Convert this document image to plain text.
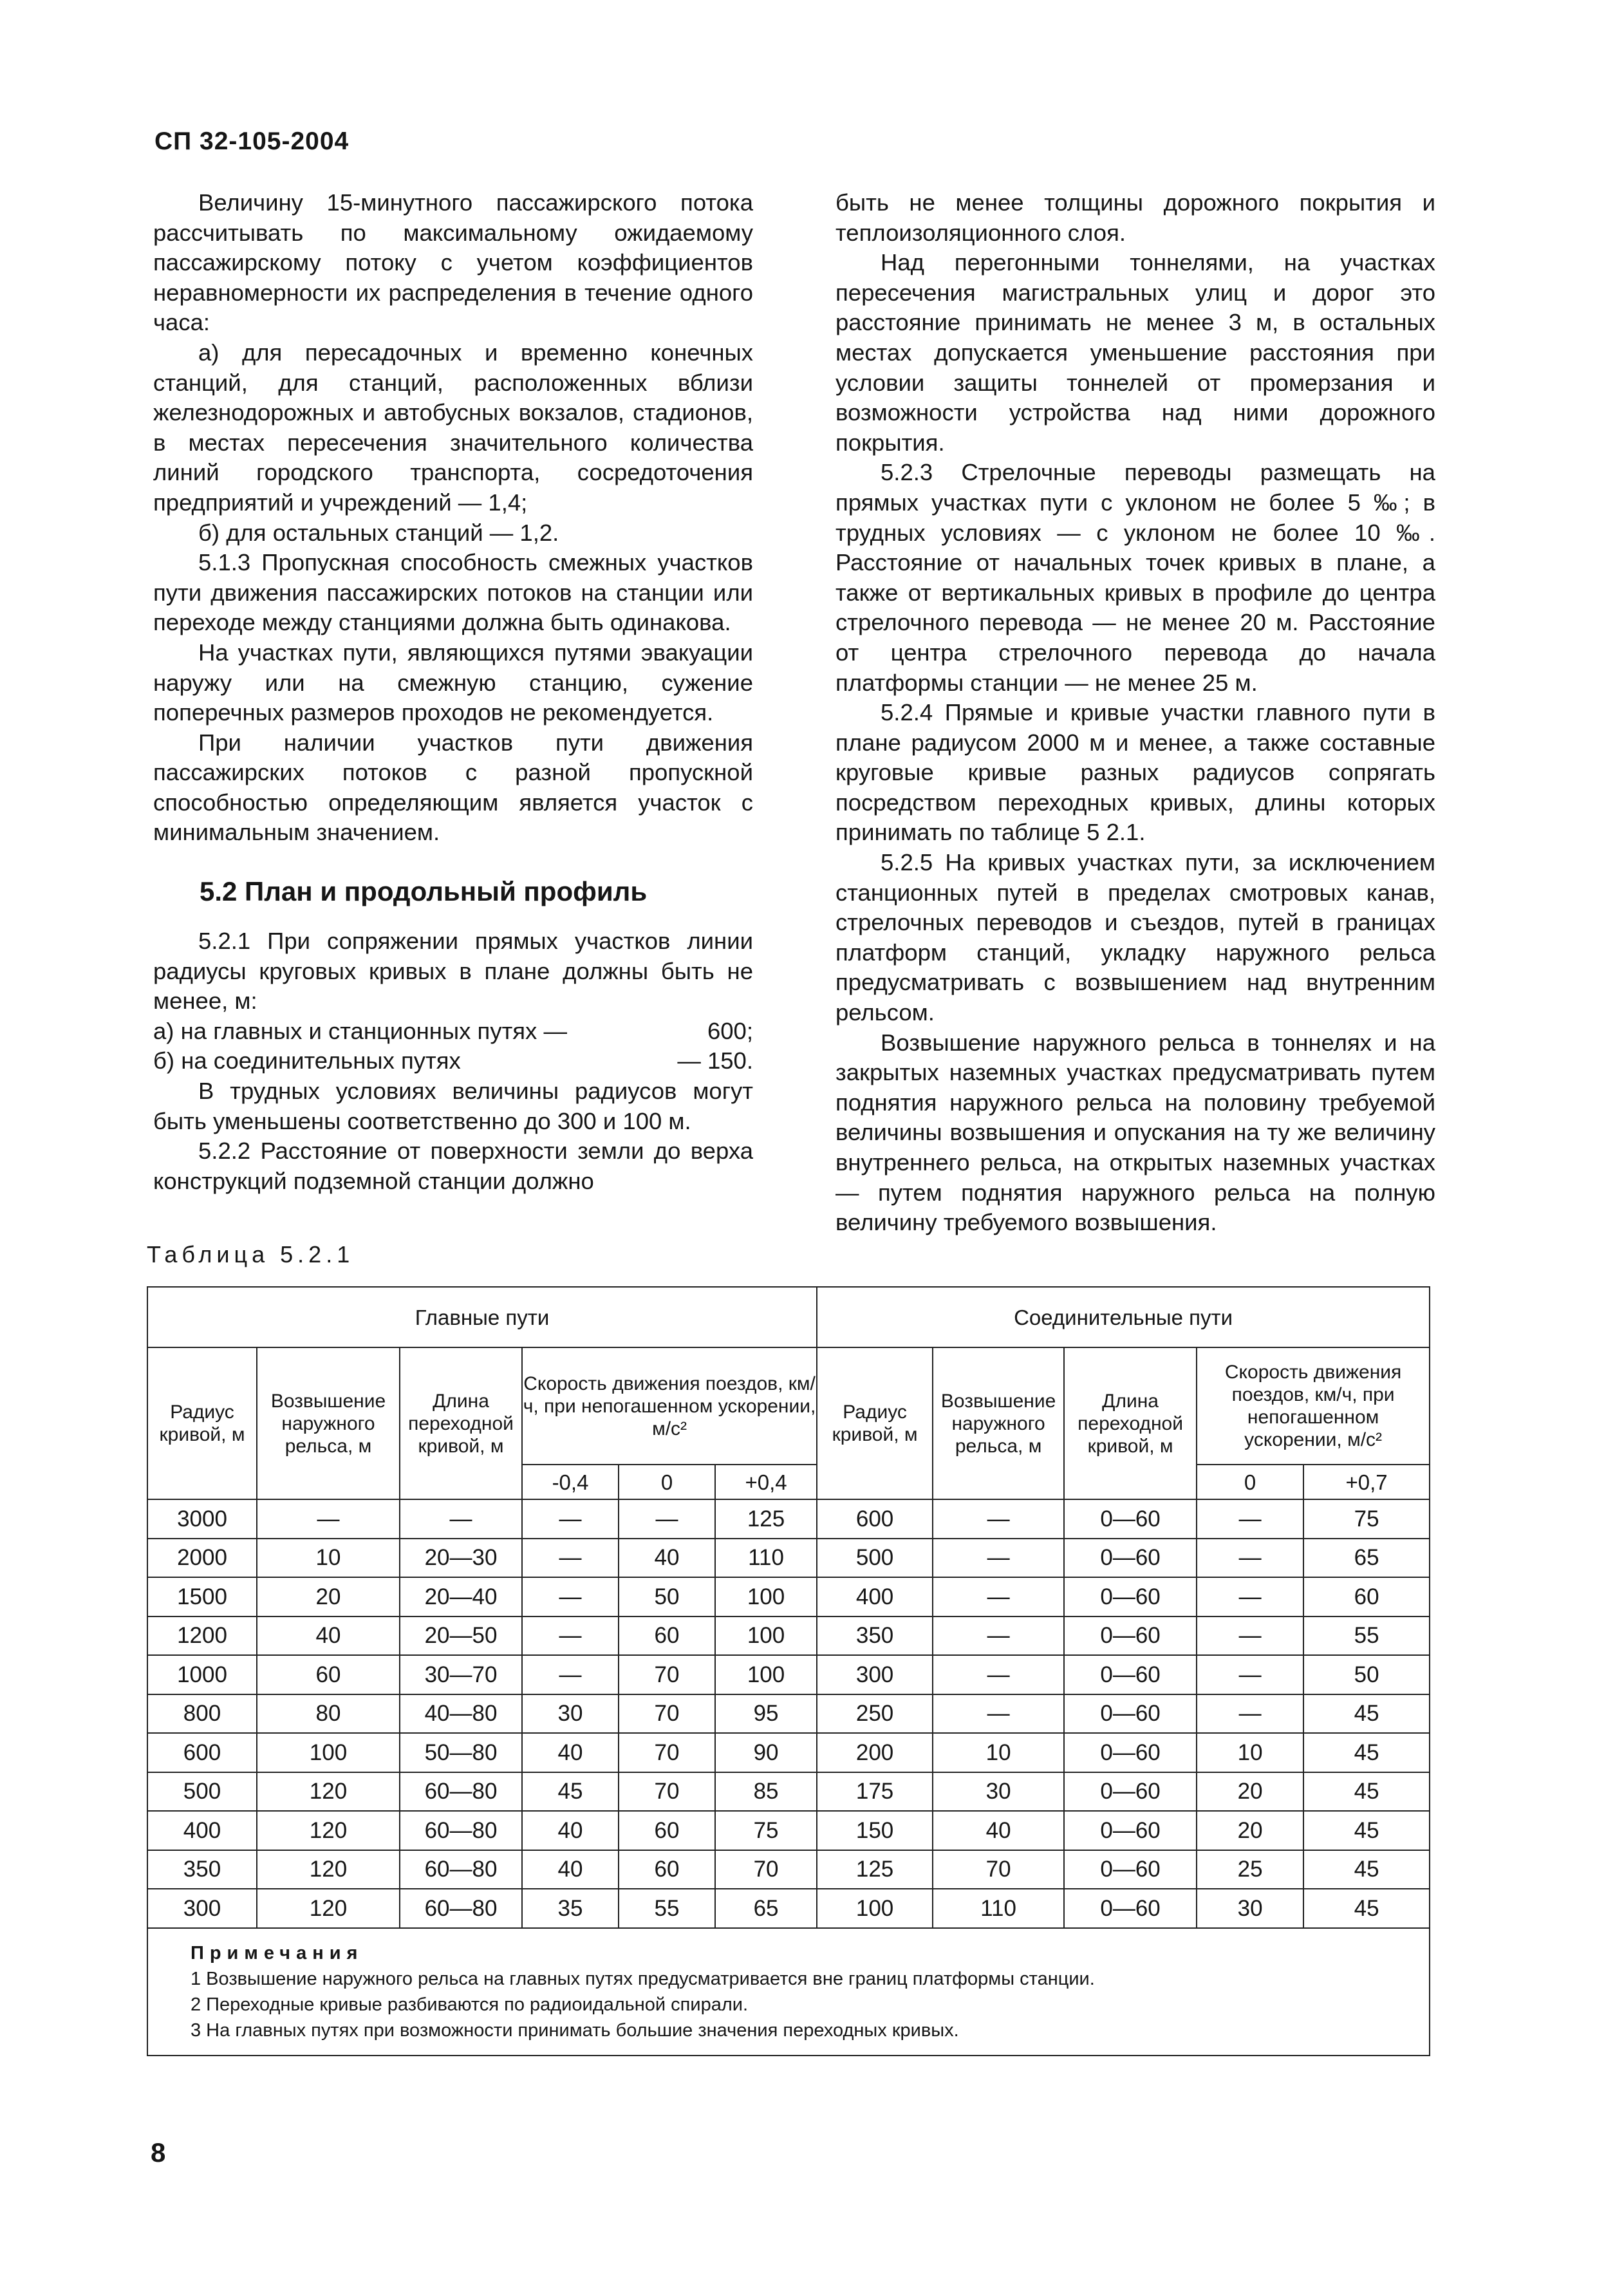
СП 32-105-2004

Величину 15-минутного пассажирского потока рассчитывать по максимальному ожидаемому пассажирскому потоку с учетом коэффициентов неравномерности их распределения в течение одного часа:

а) для пересадочных и временно конечных станций, для станций, расположенных вблизи железнодорожных и автобусных вокзалов, стадионов, в местах пересечения значительного количества линий городского транспорта, сосредоточения предприятий и учреждений — 1,4;

б) для остальных станций — 1,2.

5.1.3 Пропускная способность смежных участков пути движения пассажирских потоков на станции или переходе между станциями должна быть одинакова.

На участках пути, являющихся путями эвакуации наружу или на смежную станцию, сужение поперечных размеров проходов не рекомендуется.

При наличии участков пути движения пассажирских потоков с разной пропускной способностью определяющим является участок с минимальным значением.

5.2 План и продольный профиль

5.2.1 При сопряжении прямых участков линии радиусы круговых кривых в плане должны быть не менее, м:

а) на главных и станционных путях —	600;

б) на соединительных путях	— 150.

В трудных условиях величины радиусов могут быть уменьшены соответственно до 300 и 100 м.

5.2.2 Расстояние от поверхности земли до верха конструкций подземной станции должно

быть не менее толщины дорожного покрытия и теплоизоляционного слоя.

Над перегонными тоннелями, на участках пересечения магистральных улиц и дорог это расстояние принимать не менее 3 м, в остальных местах допускается уменьшение расстояния при условии защиты тоннелей от промерзания и возможности устройства над ними дорожного покрытия.

5.2.3 Стрелочные переводы размещать на прямых участках пути с уклоном не более 5 ‰; в трудных условиях — с уклоном не более 10 ‰. Расстояние от начальных точек кривых в плане, а также от вертикальных кривых в профиле до центра стрелочного перевода — не менее 20 м. Расстояние от центра стрелочного перевода до начала платформы станции — не менее 25 м.

5.2.4 Прямые и кривые участки главного пути в плане радиусом 2000 м и менее, а также составные круговые кривые разных радиусов сопрягать посредством переходных кривых, длины которых принимать по таблице 5 2.1.

5.2.5 На кривых участках пути, за исключением станционных путей в пределах смотровых канав, стрелочных переводов и съездов, путей в границах платформ станций, укладку наружного рельса предусматривать с возвышением над внутренним рельсом.

Возвышение наружного рельса в тоннелях и на закрытых наземных участках предусматривать путем поднятия наружного рельса на половину требуемой величины возвышения и опускания на ту же величину внутреннего рельса, на открытых наземных участках — путем поднятия наружного рельса на полную величину требуемого возвышения.

Таблица 5.2.1
Главные пути						Соединительные пути				
Радиус кривой, м	Возвышение наружного рельса, м	Длина переходной кривой, м	Скорость движения поездов, км/ч, при непогашенном ускорении, м/с²			Радиус кривой, м	Возвышение наружного рельса, м	Длина переходной кривой, м	Скорость движения поездов, км/ч, при непогашенном ускорении, м/с²	
			-0,4	0	+0,4				0	+0,7
3000	—	—	—	—	125	600	—	0—60	—	75
2000	10	20—30	—	40	110	500	—	0—60	—	65
1500	20	20—40	—	50	100	400	—	0—60	—	60
1200	40	20—50	—	60	100	350	—	0—60	—	55
1000	60	30—70	—	70	100	300	—	0—60	—	50
800	80	40—80	30	70	95	250	—	0—60	—	45
600	100	50—80	40	70	90	200	10	0—60	10	45
500	120	60—80	45	70	85	175	30	0—60	20	45
400	120	60—80	40	60	75	150	40	0—60	20	45
350	120	60—80	40	60	70	125	70	0—60	25	45
300	120	60—80	35	55	65	100	110	0—60	30	45

Примечания
1 Возвышение наружного рельса на главных путях предусматривается вне границ платформы станции.
2 Переходные кривые разбиваются по радиоидальной спирали.
3 На главных путях при возможности принимать большие значения переходных кривых.										
8
